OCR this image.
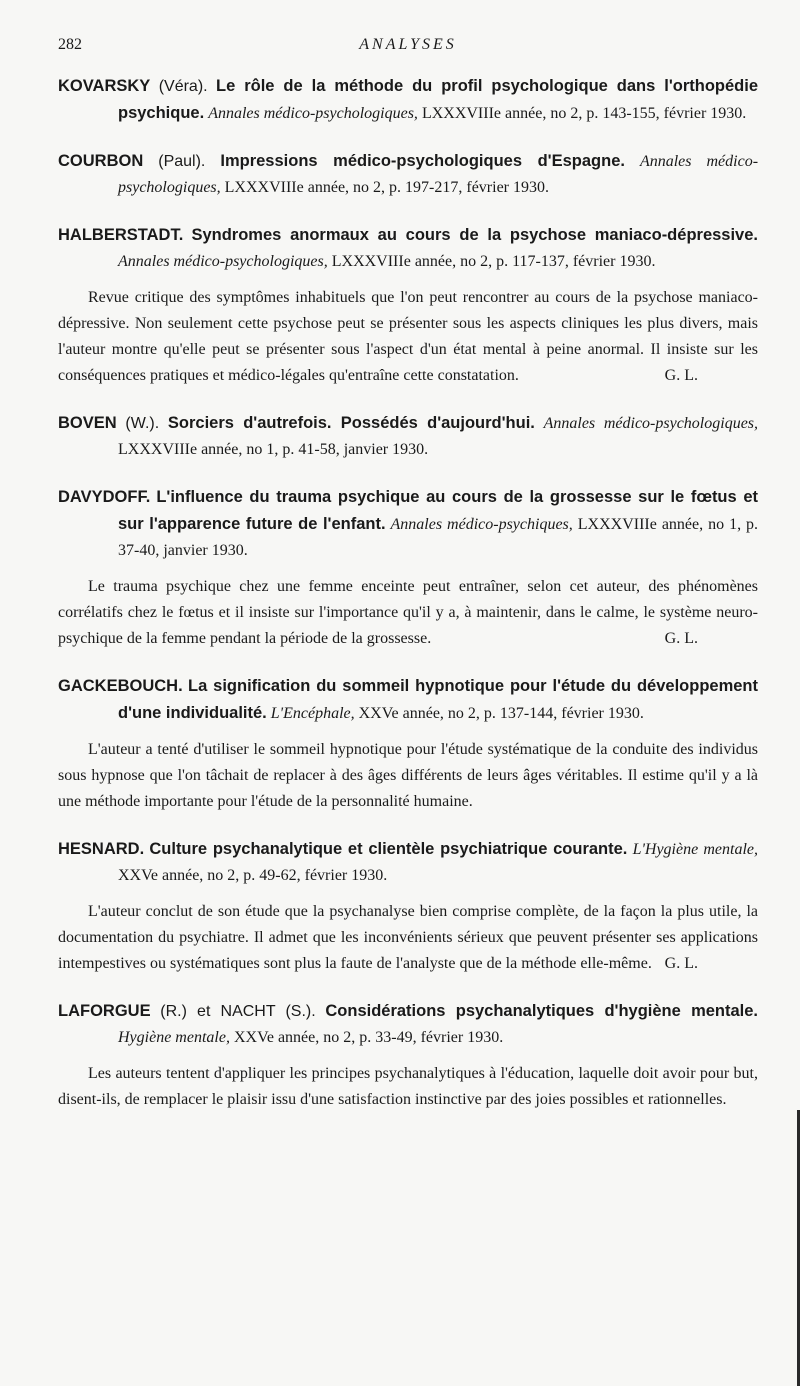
282	ANALYSES
KOVARSKY (Véra). Le rôle de la méthode du profil psychologique dans l'orthopédie psychique. Annales médico-psychologiques, LXXXVIIIe année, no 2, p. 143-155, février 1930.
COURBON (Paul). Impressions médico-psychologiques d'Espagne. Annales médico-psychologiques, LXXXVIIIe année, no 2, p. 197-217, février 1930.
HALBERSTADT. Syndromes anormaux au cours de la psychose maniaco-dépressive. Annales médico-psychologiques, LXXXVIIIe année, no 2, p. 117-137, février 1930.
Revue critique des symptômes inhabituels que l'on peut rencontrer au cours de la psychose maniaco-dépressive. Non seulement cette psychose peut se présenter sous les aspects cliniques les plus divers, mais l'auteur montre qu'elle peut se présenter sous l'aspect d'un état mental à peine anormal. Il insiste sur les conséquences pratiques et médico-légales qu'entraîne cette constatation.	G. L.
BOVEN (W.). Sorciers d'autrefois. Possédés d'aujourd'hui. Annales médico-psychologiques, LXXXVIIIe année, no 1, p. 41-58, janvier 1930.
DAVYDOFF. L'influence du trauma psychique au cours de la grossesse sur le fœtus et sur l'apparence future de l'enfant. Annales médico-psychiques, LXXXVIIIe année, no 1, p. 37-40, janvier 1930.
Le trauma psychique chez une femme enceinte peut entraîner, selon cet auteur, des phénomènes corrélatifs chez le fœtus et il insiste sur l'importance qu'il y a, à maintenir, dans le calme, le système neuro-psychique de la femme pendant la période de la grossesse.	G. L.
GACKEBOUCH. La signification du sommeil hypnotique pour l'étude du développement d'une individualité. L'Encéphale, XXVe année, no 2, p. 137-144, février 1930.
L'auteur a tenté d'utiliser le sommeil hypnotique pour l'étude systématique de la conduite des individus sous hypnose que l'on tâchait de replacer à des âges différents de leurs âges véritables. Il estime qu'il y a là une méthode importante pour l'étude de la personnalité humaine.
HESNARD. Culture psychanalytique et clientèle psychiatrique courante. L'Hygiène mentale, XXVe année, no 2, p. 49-62, février 1930.
L'auteur conclut de son étude que la psychanalyse bien comprise complète, de la façon la plus utile, la documentation du psychiatre. Il admet que les inconvénients sérieux que peuvent présenter ses applications intempestives ou systématiques sont plus la faute de l'analyste que de la méthode elle-même. G. L.
LAFORGUE (R.) et NACHT (S.). Considérations psychanalytiques d'hygiène mentale. Hygiène mentale, XXVe année, no 2, p. 33-49, février 1930.
Les auteurs tentent d'appliquer les principes psychanalytiques à l'éducation, laquelle doit avoir pour but, disent-ils, de remplacer le plaisir issu d'une satisfaction instinctive par des joies possibles et rationnelles.
